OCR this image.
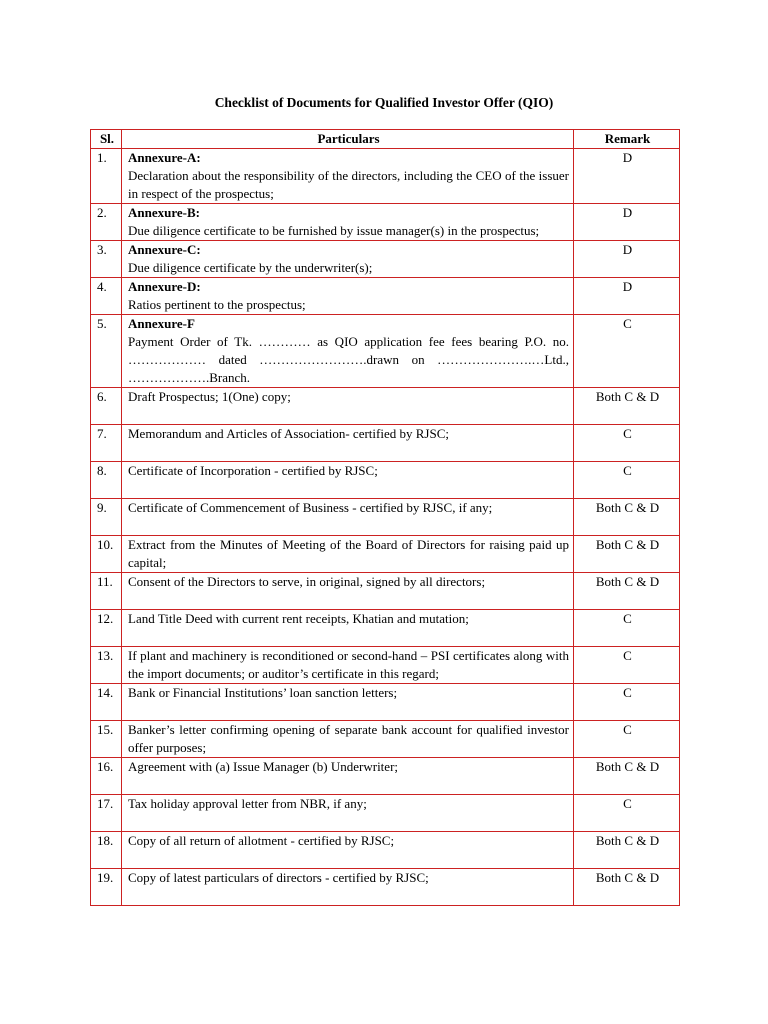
Checklist of Documents for Qualified Investor Offer (QIO)
Sl.	Particulars	Remark
1.	Annexure-A:
Declaration about the responsibility of the directors, including the CEO of the issuer in respect of the prospectus;	D
2.	Annexure-B:
Due diligence certificate to be furnished by issue manager(s) in the prospectus;	D
3.	Annexure-C:
Due diligence certificate by the underwriter(s);	D
4.	Annexure-D:
Ratios pertinent to the prospectus;	D
5.	Annexure-F
Payment Order of Tk. ………… as QIO application fee fees bearing P.O. no. ……………… dated …………………….drawn on ………………….…Ltd., ……………….Branch.	C
6.	Draft Prospectus; 1(One) copy;	Both C & D
7.	Memorandum and Articles of Association- certified by RJSC;	C
8.	Certificate of Incorporation - certified by RJSC;	C
9.	Certificate of Commencement of Business - certified by RJSC, if any;	Both C & D
10.	Extract from the Minutes of Meeting of the Board of Directors for raising paid up capital;	Both C & D
11.	Consent of the Directors to serve, in original, signed by all directors;	Both C & D
12.	Land Title Deed with current rent receipts, Khatian and mutation;	C
13.	If plant and machinery is reconditioned or second-hand – PSI certificates along with the import documents; or auditor’s certificate in this regard;	C
14.	Bank or Financial Institutions’ loan sanction letters;	C
15.	Banker’s letter confirming opening of separate bank account for qualified investor offer purposes;	C
16.	Agreement with (a) Issue Manager (b) Underwriter;	Both C & D
17.	Tax holiday approval letter from NBR, if any;	C
18.	Copy of all return of allotment - certified by RJSC;	Both C & D
19.	Copy of latest particulars of directors - certified by RJSC;	Both C & D
